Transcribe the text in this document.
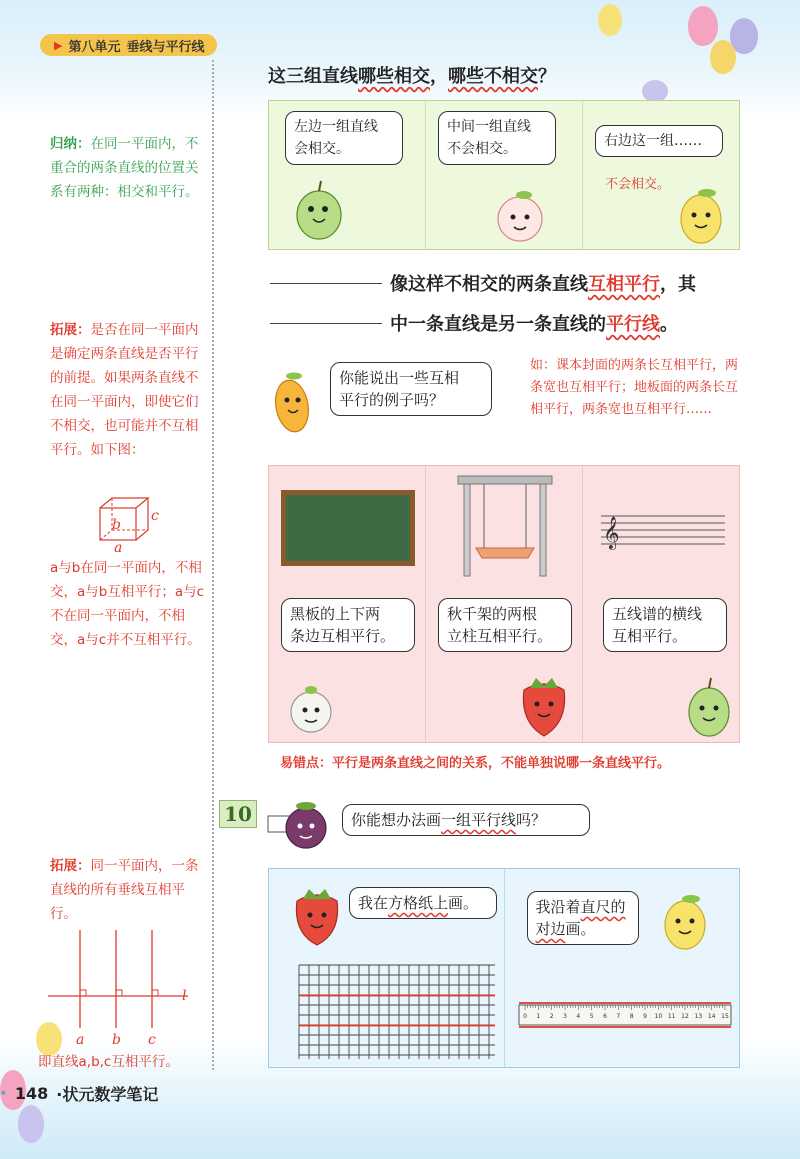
▶ 第八单元 垂线与平行线
归纳：在同一平面内，不重合的两条直线的位置关系有两种：相交和平行。
拓展：是否在同一平面内是确定两条直线是否平行的前提。如果两条直线不在同一平面内，即使它们不相交，也可能并不互相平行。如下图：
b
c
a
a与b在同一平面内，不相交，a与b互相平行；a与c不在同一平面内，不相交，a与c并不互相平行。
拓展：同一平面内，一条直线的所有垂线互相平行。
l
a b c
即直线a,b,c互相平行。
这三组直线哪些相交，哪些不相交？
左边一组直线
会相交。
中间一组直线
不会相交。	右边这一组……
不会相交。
像这样不相交的两条直线互相平行，其
中一条直线是另一条直线的平行线。
你能说出一些互相
平行的例子吗？
如：课本封面的两条长互相平行，两条宽也互相平行；地板面的两条长互相平行，两条宽也互相平行……
黑板的上下两
条边互相平行。
秋千架的两根
立柱互相平行。
𝄞
五线谱的横线
互相平行。
易错点：平行是两条直线之间的关系，不能单独说哪一条直线平行。
10	你能想办法画一组平行线吗？
我在方格纸上画。	我沿着直尺的对边画。
0 1 2 3 4 5 6 7 8 9 10 11 12 13 14 15
· 148 ·状元数学笔记
